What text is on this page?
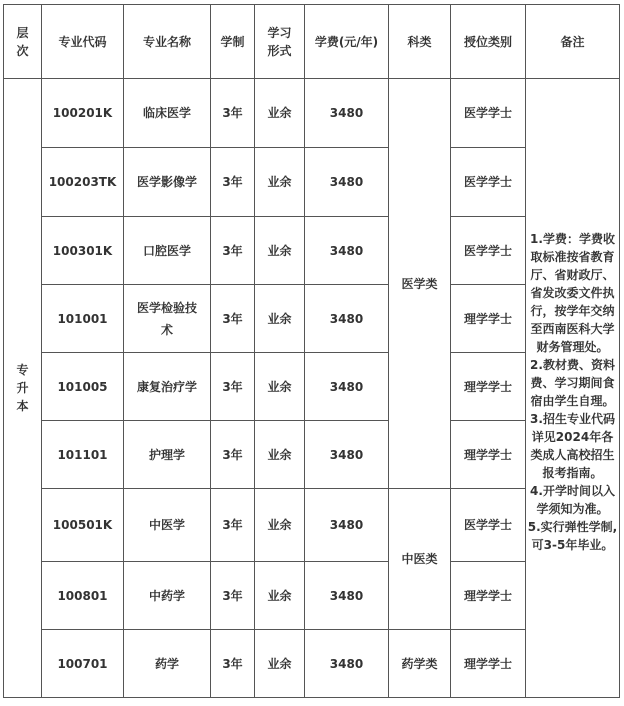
层次	专业代码	专业名称	学制	学习形式	学费(元/年)	科类	授位类别	备注
专升本	100201K	临床医学	3年	业余	3480	医学类	医学学士	1.学费：学费收取标准按省教育厅、省财政厅、省发改委文件执行，按学年交纳至西南医科大学财务管理处。
2.教材费、资料费、学习期间食宿由学生自理。
3.招生专业代码详见2024年各类成人高校招生报考指南。
4.开学时间以入学须知为准。
5.实行弹性学制,可3-5年毕业。

	100203TK	医学影像学	3年	业余	3480		医学学士	
	100301K	口腔医学	3年	业余	3480		医学学士	
	101001	医学检验技术	3年	业余	3480		理学学士	
	101005	康复治疗学	3年	业余	3480		理学学士	
	101101	护理学	3年	业余	3480		理学学士	
	100501K	中医学	3年	业余	3480	中医类	医学学士	
	100801	中药学	3年	业余	3480		理学学士	
	100701	药学	3年	业余	3480	药学类	理学学士	
